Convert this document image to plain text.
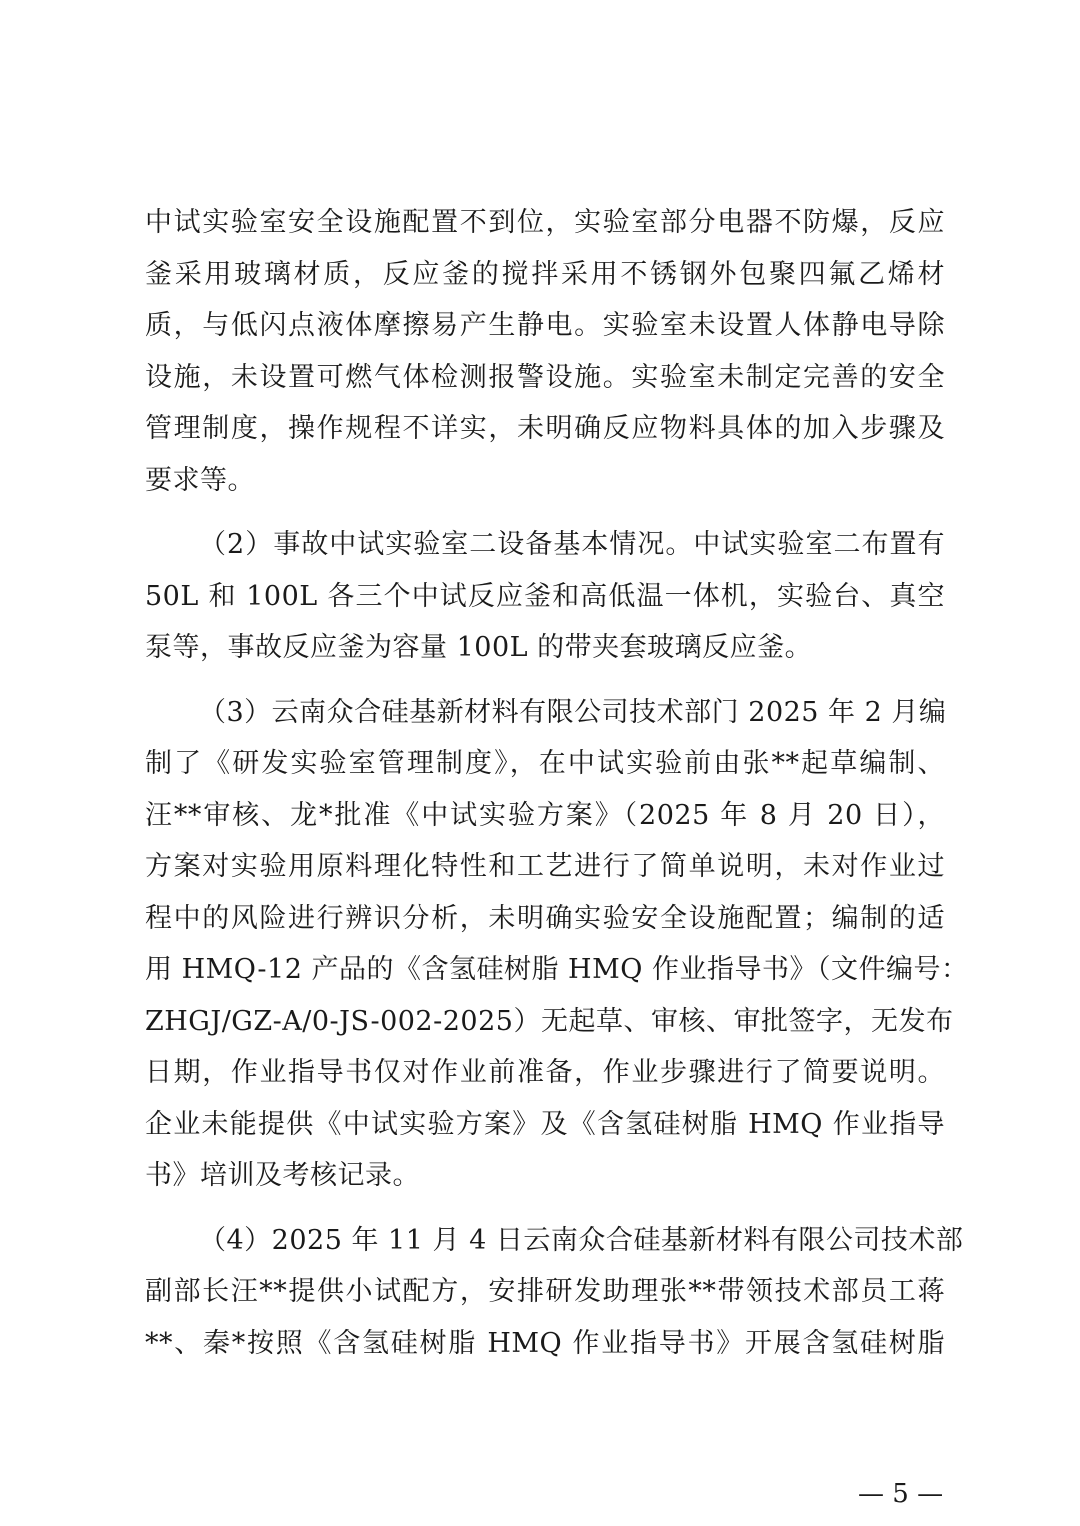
中试实验室安全设施配置不到位，实验室部分电器不防爆，反应
釜采用玻璃材质，反应釜的搅拌采用不锈钢外包聚四氟乙烯材
质，与低闪点液体摩擦易产生静电。实验室未设置人体静电导除
设施，未设置可燃气体检测报警设施。实验室未制定完善的安全
管理制度，操作规程不详实，未明确反应物料具体的加入步骤及
要求等。
（2）事故中试实验室二设备基本情况。中试实验室二布置有
50L 和 100L 各三个中试反应釜和高低温一体机，实验台、真空
泵等，事故反应釜为容量 100L 的带夹套玻璃反应釜。
（3）云南众合硅基新材料有限公司技术部门 2025 年 2 月编
制了《研发实验室管理制度》，在中试实验前由张**起草编制、
汪**审核、龙*批准《中试实验方案》（2025 年 8 月 20 日），
方案对实验用原料理化特性和工艺进行了简单说明，未对作业过
程中的风险进行辨识分析，未明确实验安全设施配置；编制的适
用 HMQ-12 产品的《含氢硅树脂 HMQ 作业指导书》（文件编号：
ZHGJ/GZ-A/0-JS-002-2025）无起草、审核、审批签字，无发布
日期，作业指导书仅对作业前准备，作业步骤进行了简要说明。
企业未能提供《中试实验方案》及《含氢硅树脂 HMQ 作业指导
书》培训及考核记录。
（4）2025 年 11 月 4 日云南众合硅基新材料有限公司技术部
副部长汪**提供小试配方，安排研发助理张**带领技术部员工蒋
**、秦*按照《含氢硅树脂 HMQ 作业指导书》开展含氢硅树脂
— 5 —
